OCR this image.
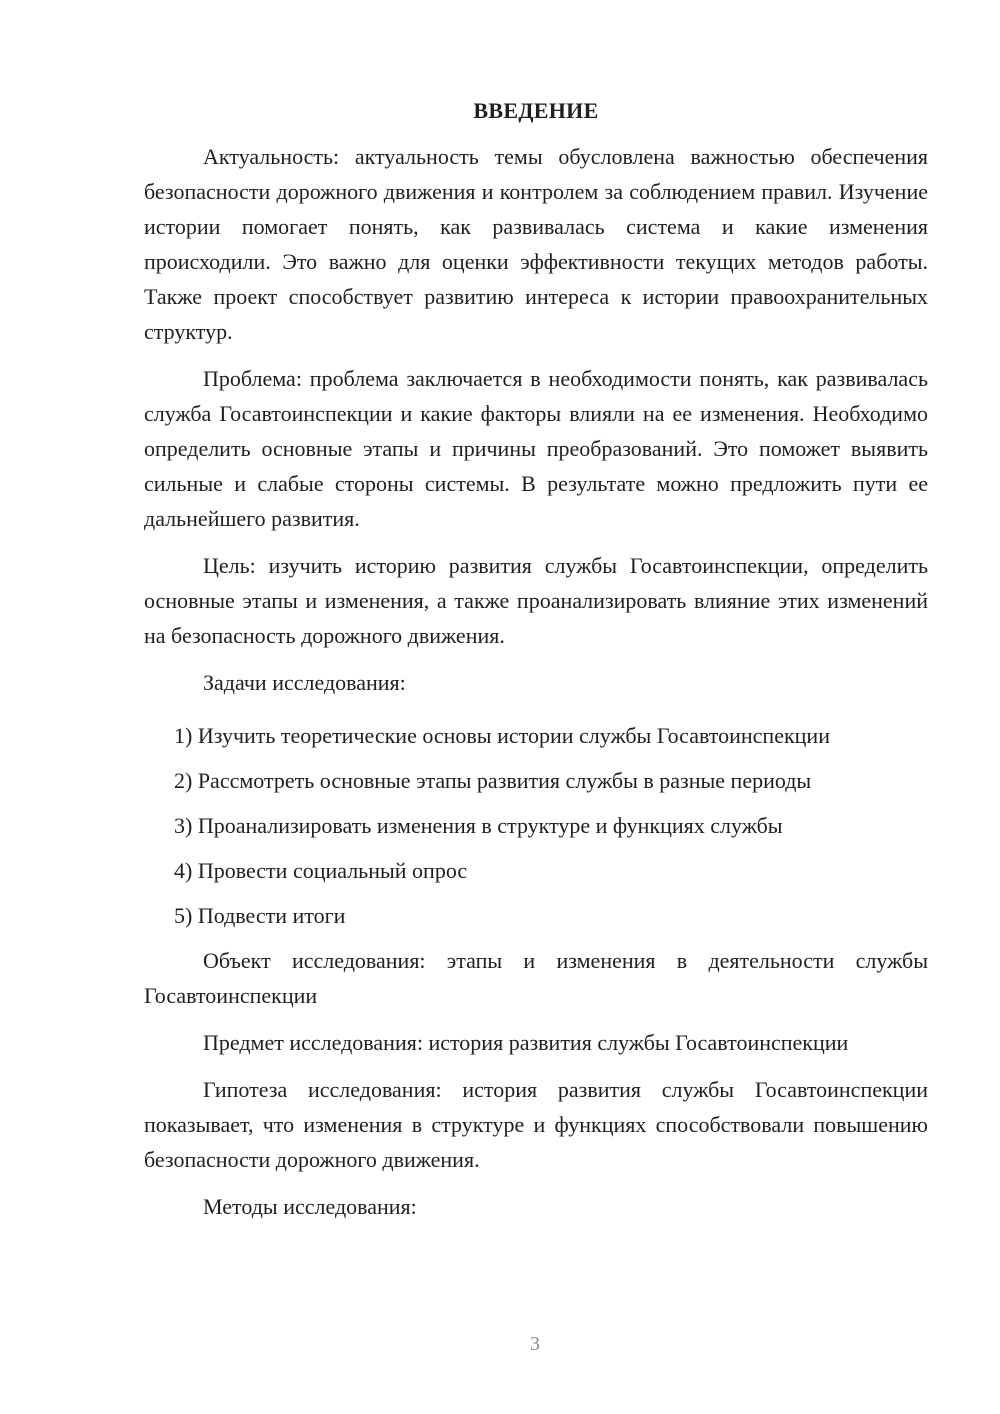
ВВЕДЕНИЕ

Актуальность: актуальность темы обусловлена важностью обеспечения безопасности дорожного движения и контролем за соблюдением правил. Изучение истории помогает понять, как развивалась система и какие изменения происходили. Это важно для оценки эффективности текущих методов работы. Также проект способствует развитию интереса к истории правоохранительных структур.

Проблема: проблема заключается в необходимости понять, как развивалась служба Госавтоинспекции и какие факторы влияли на ее изменения. Необходимо определить основные этапы и причины преобразований. Это поможет выявить сильные и слабые стороны системы. В результате можно предложить пути ее дальнейшего развития.

Цель: изучить историю развития службы Госавтоинспекции, определить основные этапы и изменения, а также проанализировать влияние этих изменений на безопасность дорожного движения.

Задачи исследования:

1) Изучить теоретические основы истории службы Госавтоинспекции
2) Рассмотреть основные этапы развития службы в разные периоды
3) Проанализировать изменения в структуре и функциях службы
4) Провести социальный опрос
5) Подвести итоги

Объект исследования: этапы и изменения в деятельности службы Госавтоинспекции

Предмет исследования: история развития службы Госавтоинспекции

Гипотеза исследования: история развития службы Госавтоинспекции показывает, что изменения в структуре и функциях способствовали повышению безопасности дорожного движения.

Методы исследования:

3
